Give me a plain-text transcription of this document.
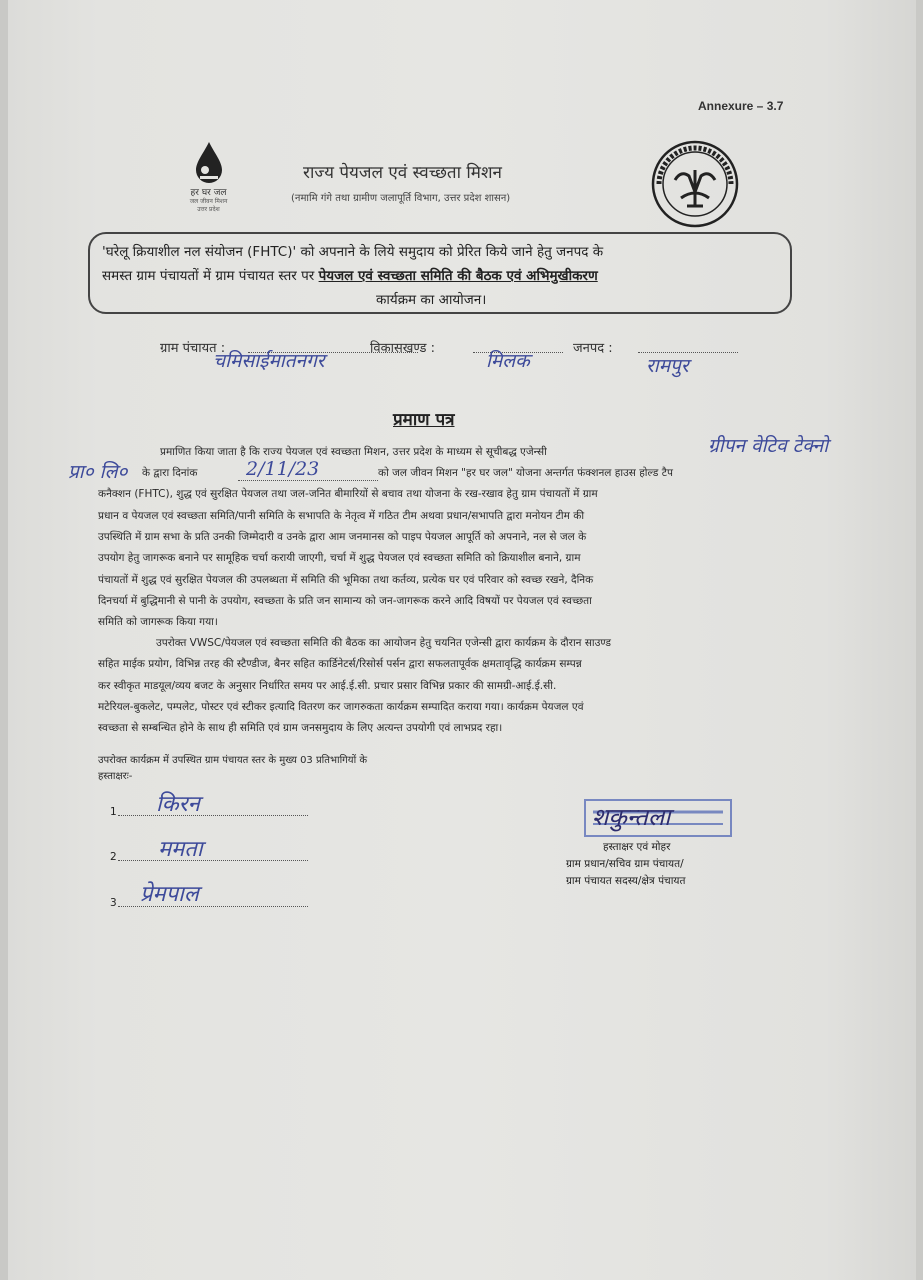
Annexure – 3.7
हर घर जल
जल जीवन मिशन
उत्तर प्रदेश
राज्य पेयजल एवं स्वच्छता मिशन
(नमामि गंगे तथा ग्रामीण जलापूर्ति विभाग, उत्तर प्रदेश शासन)

'घरेलू क्रियाशील नल संयोजन (FHTC)' को अपनाने के लिये समुदाय को प्रेरित किये जाने हेतु जनपद के

समस्त ग्राम पंचायतों में ग्राम पंचायत स्तर पर पेयजल एवं स्वच्छता समिति की बैठक एवं अभिमुखीकरण

कार्यक्रम का आयोजन।

ग्राम पंचायत :
चमिसाईमातनगर
विकासखण्ड :
मिलक
जनपद :
रामपुर
प्रमाण पत्र
प्रमाणित किया जाता है कि राज्य पेयजल एवं स्वच्छता मिशन, उत्तर प्रदेश के माध्यम से सूचीबद्ध एजेन्सी	ग्रीपन वेटिव टेक्नो
प्रा० लि० के द्वारा दिनांक	2/11/23	को जल जीवन मिशन "हर घर जल" योजना अन्तर्गत फंक्शनल हाउस होल्ड टैप
कनैक्शन (FHTC), शुद्ध एवं सुरक्षित पेयजल तथा जल-जनित बीमारियों से बचाव तथा योजना के रख-रखाव हेतु ग्राम पंचायतों में ग्राम
प्रधान व पेयजल एवं स्वच्छता समिति/पानी समिति के सभापति के नेतृत्व में गठित टीम अथवा प्रधान/सभापति द्वारा मनोयन टीम की
उपस्थिति में ग्राम सभा के प्रति उनकी जिम्मेदारी व उनके द्वारा आम जनमानस को पाइप पेयजल आपूर्ति को अपनाने, नल से जल के
उपयोग हेतु जागरूक बनाने पर सामूहिक चर्चा करायी जाएगी, चर्चा में शुद्ध पेयजल एवं स्वच्छता समिति को क्रियाशील बनाने, ग्राम
पंचायतों में शुद्ध एवं सुरक्षित पेयजल की उपलब्धता में समिति की भूमिका तथा कर्तव्य, प्रत्येक घर एवं परिवार को स्वच्छ रखने, दैनिक
दिनचर्या में बुद्धिमानी से पानी के उपयोग, स्वच्छता के प्रति जन सामान्य को जन-जागरूक करने आदि विषयों पर पेयजल एवं स्वच्छता
समिति को जागरूक किया गया।
उपरोक्त VWSC/पेयजल एवं स्वच्छता समिति की बैठक का आयोजन हेतु चयनित एजेन्सी द्वारा कार्यक्रम के दौरान साउण्ड
सहित माईक प्रयोग, विभिन्न तरह की स्टैण्डीज, बैनर सहित कार्डिनेटर्स/रिसोर्स पर्सन द्वारा सफलतापूर्वक क्षमतावृद्धि कार्यक्रम सम्पन्न
कर स्वीकृत माडयूल/व्यय बजट के अनुसार निर्धारित समय पर आई.ई.सी. प्रचार प्रसार विभिन्न प्रकार की सामग्री-आई.ई.सी.
मटेरियल-बुकलेट, पम्पलेट, पोस्टर एवं स्टीकर इत्यादि वितरण कर जागरुकता कार्यक्रम सम्पादित कराया गया। कार्यक्रम पेयजल एवं
स्वच्छता से सम्बन्धित होने के साथ ही समिति एवं ग्राम जनसमुदाय के लिए अत्यन्त उपयोगी एवं लाभप्रद रहा।
उपरोक्त कार्यक्रम में उपस्थित ग्राम पंचायत स्तर के मुख्य 03 प्रतिभागियों के
हस्ताक्षरः-
1 किरन
2 ममता
3 प्रेमपाल
शकुन्तला
हस्ताक्षर एवं मोहर
ग्राम प्रधान/सचिव ग्राम पंचायत/
ग्राम पंचायत सदस्य/क्षेत्र पंचायत
